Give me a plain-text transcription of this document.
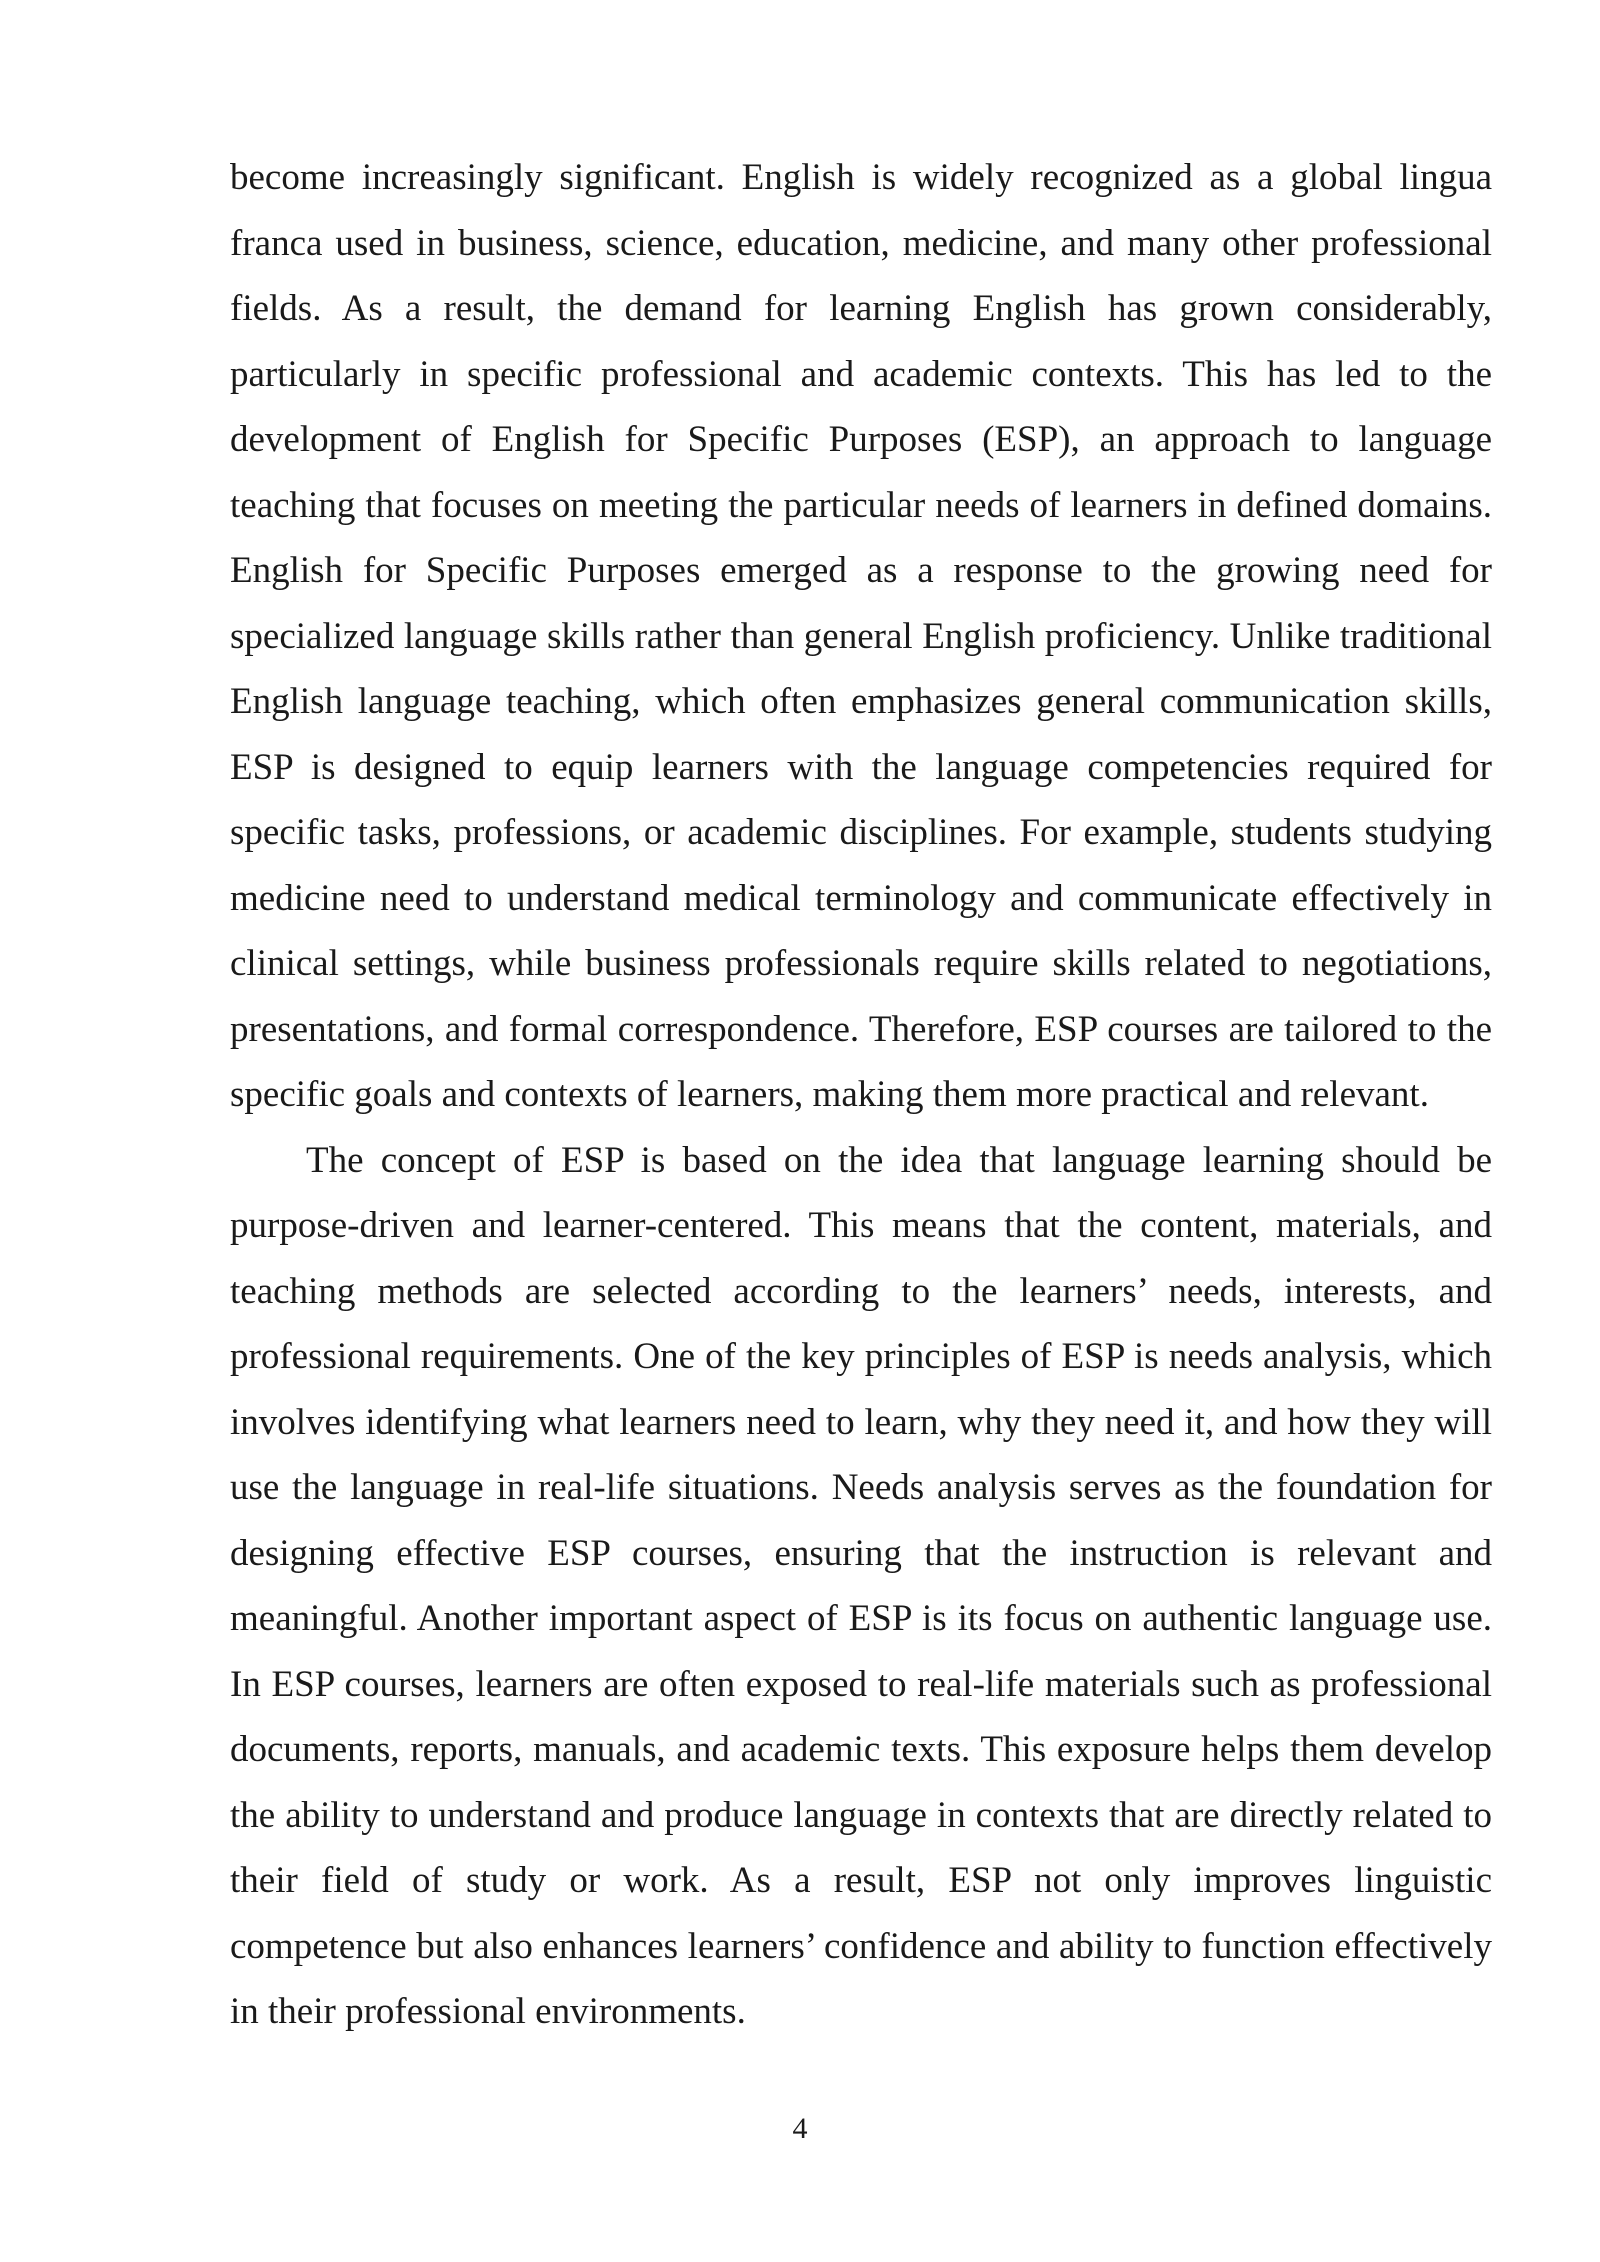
become increasingly significant. English is widely recognized as a global lingua franca used in business, science, education, medicine, and many other professional fields. As a result, the demand for learning English has grown considerably, particularly in specific professional and academic contexts. This has led to the development of English for Specific Purposes (ESP), an approach to language teaching that focuses on meeting the particular needs of learners in defined domains. English for Specific Purposes emerged as a response to the growing need for specialized language skills rather than general English proficiency. Unlike traditional English language teaching, which often emphasizes general communication skills, ESP is designed to equip learners with the language competencies required for specific tasks, professions, or academic disciplines. For example, students studying medicine need to understand medical terminology and communicate effectively in clinical settings, while business professionals require skills related to negotiations, presentations, and formal correspondence. Therefore, ESP courses are tailored to the specific goals and contexts of learners, making them more practical and relevant.

The concept of ESP is based on the idea that language learning should be purpose-driven and learner-centered. This means that the content, materials, and teaching methods are selected according to the learners’ needs, interests, and professional requirements. One of the key principles of ESP is needs analysis, which involves identifying what learners need to learn, why they need it, and how they will use the language in real-life situations. Needs analysis serves as the foundation for designing effective ESP courses, ensuring that the instruction is relevant and meaningful. Another important aspect of ESP is its focus on authentic language use. In ESP courses, learners are often exposed to real-life materials such as professional documents, reports, manuals, and academic texts. This exposure helps them develop the ability to understand and produce language in contexts that are directly related to their field of study or work. As a result, ESP not only improves linguistic competence but also enhances learners’ confidence and ability to function effectively in their professional environments.

4
